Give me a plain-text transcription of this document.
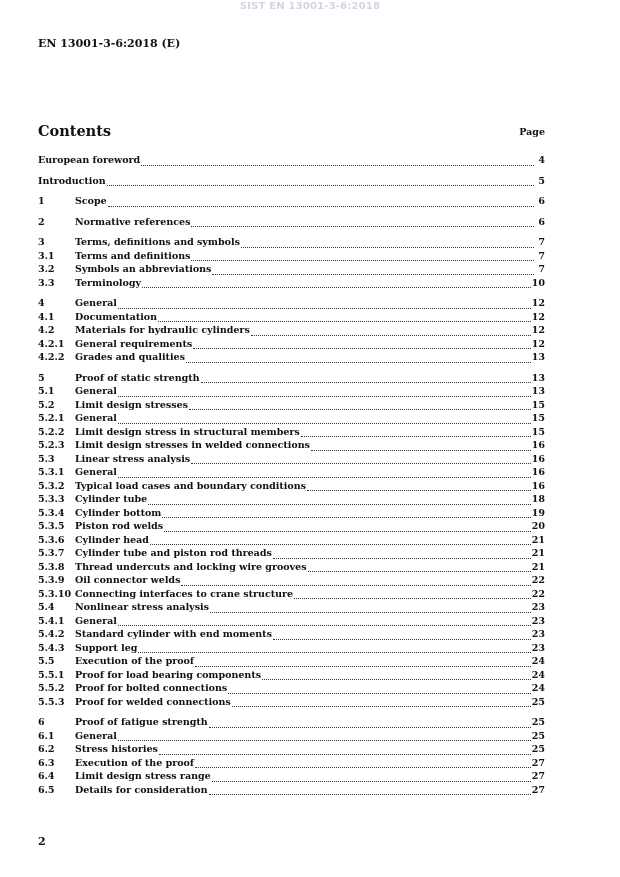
SIST EN 13001-3-6:2018
EN 13001-3-6:2018 (E)
Contents	Page
European foreword	4
Introduction	5
1	Scope	6
2	Normative references	6
3	Terms, definitions and symbols	7
3.1	Terms and definitions	7
3.2	Symbols an abbreviations	7
3.3	Terminology	10
4	General	12
4.1	Documentation	12
4.2	Materials for hydraulic cylinders	12
4.2.1	General requirements	12
4.2.2	Grades and qualities	13
5	Proof of static strength	13
5.1	General	13
5.2	Limit design stresses	15
5.2.1	General	15
5.2.2	Limit design stress in structural members	15
5.2.3	Limit design stresses in welded connections	16
5.3	Linear stress analysis	16
5.3.1	General	16
5.3.2	Typical load cases and boundary conditions	16
5.3.3	Cylinder tube	18
5.3.4	Cylinder bottom	19
5.3.5	Piston rod welds	20
5.3.6	Cylinder head	21
5.3.7	Cylinder tube and piston rod threads	21
5.3.8	Thread undercuts and locking wire grooves	21
5.3.9	Oil connector welds	22
5.3.10 Connecting interfaces to crane structure	22
5.4	Nonlinear stress analysis	23
5.4.1	General	23
5.4.2	Standard cylinder with end moments	23
5.4.3	Support leg	23
5.5	Execution of the proof	24
5.5.1	Proof for load bearing components	24
5.5.2	Proof for bolted connections	24
5.5.3	Proof for welded connections	25
6	Proof of fatigue strength	25
6.1	General	25
6.2	Stress histories	25
6.3	Execution of the proof	27
6.4	Limit design stress range	27
6.5	Details for consideration	27
2
